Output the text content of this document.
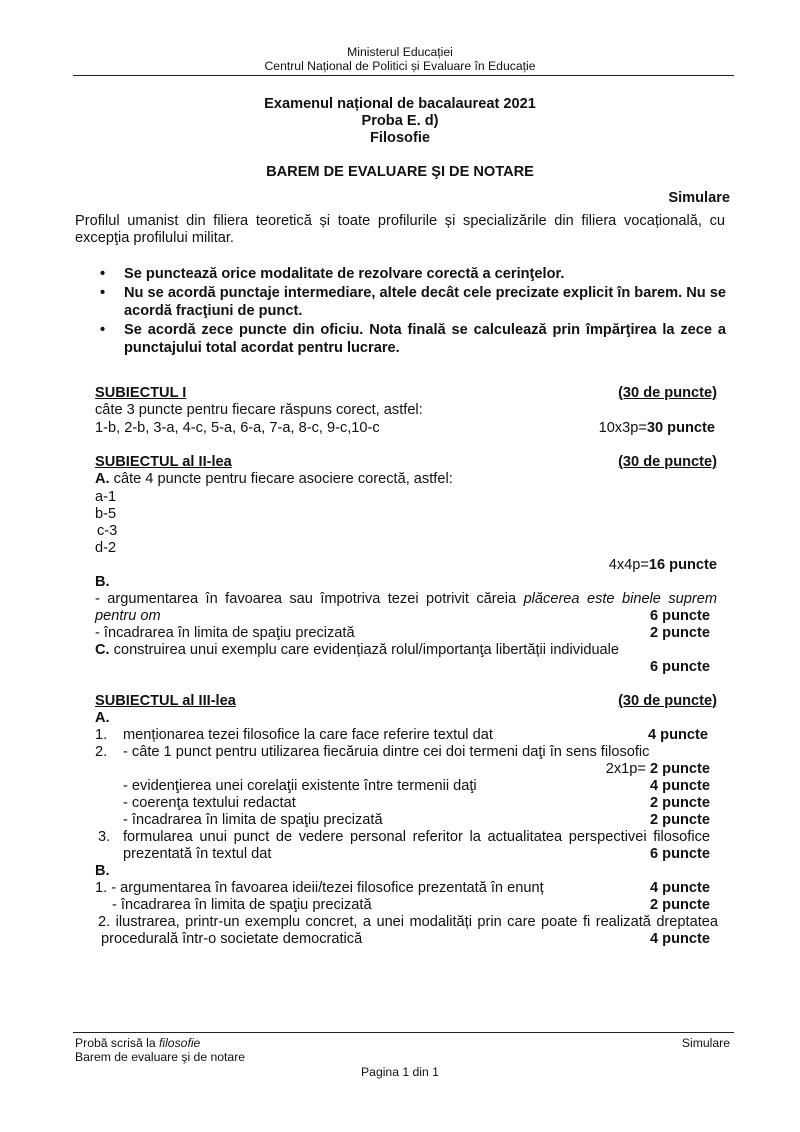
Ministerul Educației
Centrul Național de Politici și Evaluare în Educație
Examenul național de bacalaureat 2021
Proba E. d)
Filosofie
BAREM DE EVALUARE ŞI DE NOTARE
Simulare
Profilul umanist din filiera teoretică și toate profilurile și specializările din filiera vocațională, cu
excepţia profilului militar.
• Se punctează orice modalitate de rezolvare corectă a cerinţelor.
• Nu se acordă punctaje intermediare, altele decât cele precizate explicit în barem. Nu se acordă fracţiuni de punct.
• Se acordă zece puncte din oficiu. Nota finală se calculează prin împărţirea la zece a punctajului total acordat pentru lucrare.
SUBIECTUL I	(30 de puncte)
câte 3 puncte pentru fiecare răspuns corect, astfel:
1-b, 2-b, 3-a, 4-c, 5-a, 6-a, 7-a, 8-c, 9-c,10-c	10x3p=30 puncte
SUBIECTUL al II-lea	(30 de puncte)
A. câte 4 puncte pentru fiecare asociere corectă, astfel:
a-1
b-5
c-3
d-2
4x4p=16 puncte
B.
- argumentarea în favoarea sau împotriva tezei potrivit căreia plăcerea este binele suprem
pentru om	6 puncte
- încadrarea în limita de spaţiu precizată	2 puncte
C. construirea unui exemplu care evidențiază rolul/importanţa libertății individuale
6 puncte
SUBIECTUL al III-lea	(30 de puncte)
A.
1. menționarea tezei filosofice la care face referire textul dat	4 puncte
2. - câte 1 punct pentru utilizarea fiecăruia dintre cei doi termeni daţi în sens filosofic
2x1p= 2 puncte
- evidenţierea unei corelaţii existente între termenii daţi	4 puncte
- coerenţa textului redactat	2 puncte
- încadrarea în limita de spaţiu precizată	2 puncte
3. formularea unui punct de vedere personal referitor la actualitatea perspectivei filosofice
prezentată în textul dat	6 puncte
B.
1. - argumentarea în favoarea ideii/tezei filosofice prezentată în enunț	4 puncte
- încadrarea în limita de spaţiu precizată	2 puncte
2. ilustrarea, printr-un exemplu concret, a unei modalități prin care poate fi realizată dreptatea
procedurală într-o societate democratică	4 puncte
Probă scrisă la filosofie	Simulare
Barem de evaluare şi de notare
Pagina 1 din 1
